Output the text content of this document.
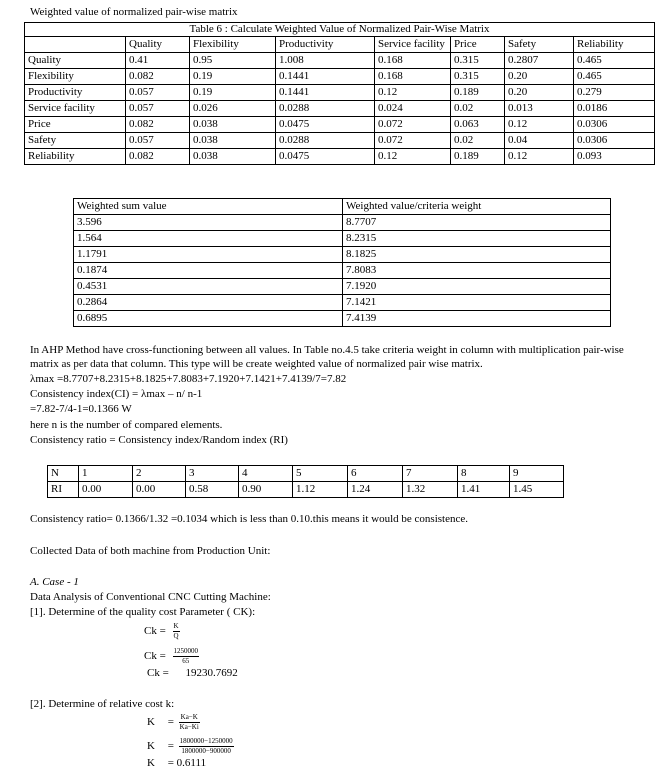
Weighted value of normalized pair-wise matrix
Table 6 : Calculate Weighted Value of Normalized Pair-Wise Matrix							
	Quality	Flexibility	Productivity	Service facility	Price	Safety	Reliability
Quality	0.41	0.95	1.008	0.168	0.315	0.2807	0.465
Flexibility	0.082	0.19	0.1441	0.168	0.315	0.20	0.465
Productivity	0.057	0.19	0.1441	0.12	0.189	0.20	0.279
Service facility	0.057	0.026	0.0288	0.024	0.02	0.013	0.0186
Price	0.082	0.038	0.0475	0.072	0.063	0.12	0.0306
Safety	0.057	0.038	0.0288	0.072	0.02	0.04	0.0306
Reliability	0.082	0.038	0.0475	0.12	0.189	0.12	0.093
Weighted sum value	Weighted value/criteria weight
3.596	8.7707
1.564	8.2315
1.1791	8.1825
0.1874	7.8083
0.4531	7.1920
0.2864	7.1421
0.6895	7.4139
In AHP Method have cross-functioning between all values. In Table no.4.5 take criteria weight in column with multiplication pair-wise matrix as per data that column. This type will be create weighted value of normalized pair wise matrix.
λmax =8.7707+8.2315+8.1825+7.8083+7.1920+7.1421+7.4139/7=7.82
Consistency index(CI) = λmax – n/ n-1
=7.82-7/4-1=0.1366 W
here n is the number of compared elements.
Consistency ratio = Consistency index/Random index (RI)
N	1	2	3	4	5	6	7	8	9
RI	0.00	0.00	0.58	0.90	1.12	1.24	1.32	1.41	1.45
Consistency ratio= 0.1366/1.32 =0.1034 which is less than 0.10.this means it would be consistence.
Collected Data of both machine from Production Unit:
A. Case - 1
Data Analysis of Conventional CNC Cutting Machine:
[1]. Determine of the quality cost Parameter ( CK):
$Ck = \frac{K}{Q}$
$Ck = \frac{1250000}{65}$
Ck = 19230.7692
[2]. Determine of relative cost k:
$K = \frac{Ka-K}{Ka-Ki}$
$K = \frac{1800000-1250000}{1800000-900000}$
K = 0.6111
